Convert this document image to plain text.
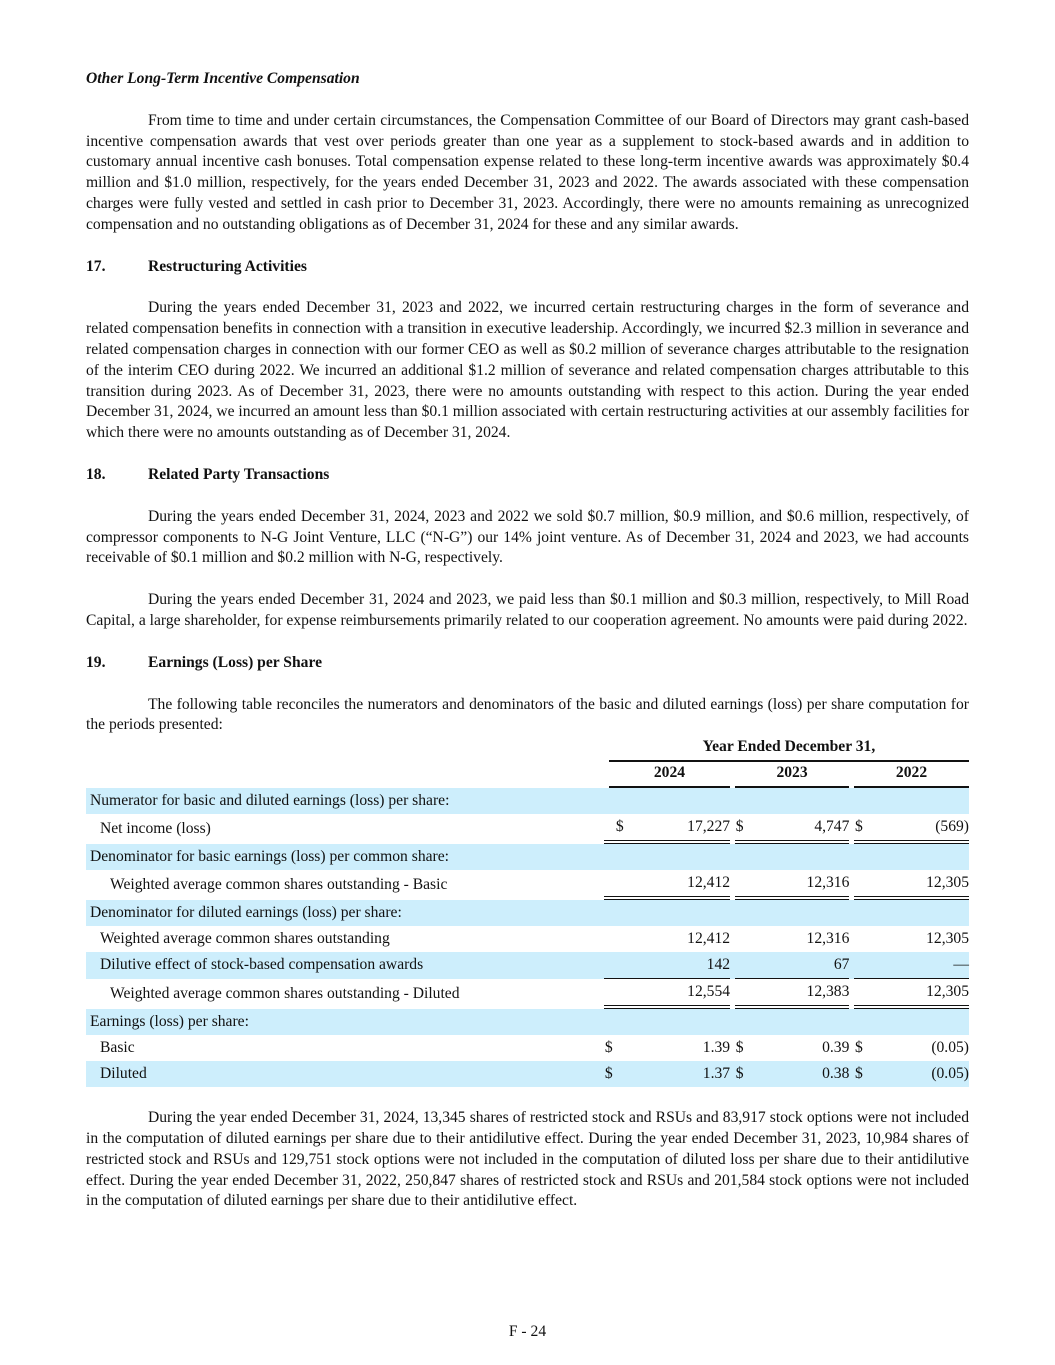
Other Long-Term Incentive Compensation

From time to time and under certain circumstances, the Compensation Committee of our Board of Directors may grant cash-based incentive compensation awards that vest over periods greater than one year as a supplement to stock-based awards and in addition to customary annual incentive cash bonuses. Total compensation expense related to these long-term incentive awards was approximately $0.4 million and $1.0 million, respectively, for the years ended December 31, 2023 and 2022. The awards associated with these compensation charges were fully vested and settled in cash prior to December 31, 2023. Accordingly, there were no amounts remaining as unrecognized compensation and no outstanding obligations as of December 31, 2024 for these and any similar awards.

17.	Restructuring Activities

During the years ended December 31, 2023 and 2022, we incurred certain restructuring charges in the form of severance and related compensation benefits in connection with a transition in executive leadership. Accordingly, we incurred $2.3 million in severance and related compensation charges in connection with our former CEO as well as $0.2 million of severance charges attributable to the resignation of the interim CEO during 2022. We incurred an additional $1.2 million of severance and related compensation charges attributable to this transition during 2023. As of December 31, 2023, there were no amounts outstanding with respect to this action. During the year ended December 31, 2024, we incurred an amount less than $0.1 million associated with certain restructuring activities at our assembly facilities for which there were no amounts outstanding as of December 31, 2024.

18.	Related Party Transactions

During the years ended December 31, 2024, 2023 and 2022 we sold $0.7 million, $0.9 million, and $0.6 million, respectively, of compressor components to N-G Joint Venture, LLC (“N-G”) our 14% joint venture. As of December 31, 2024 and 2023, we had accounts receivable of $0.1 million and $0.2 million with N-G, respectively.

During the years ended December 31, 2024 and 2023, we paid less than $0.1 million and $0.3 million, respectively, to Mill Road Capital, a large shareholder, for expense reimbursements primarily related to our cooperation agreement. No amounts were paid during 2022.

19.	Earnings (Loss) per Share

The following table reconciles the numerators and denominators of the basic and diluted earnings (loss) per share computation for the periods presented:

	Year Ended December 31,				

	2024		2023		2022

Numerator for basic and diluted earnings (loss) per share:					
Net income (loss)	$ 17,227		$ 4,747		$ (569)

Denominator for basic earnings (loss) per common share:					
Weighted average common shares outstanding - Basic	12,412		12,316		12,305
Denominator for diluted earnings (loss) per share:					
Weighted average common shares outstanding	12,412		12,316		12,305
Dilutive effect of stock-based compensation awards	142		67		—
Weighted average common shares outstanding - Diluted	12,554		12,383		12,305
Earnings (loss) per share:					
Basic	$ 1.39		$ 0.39		$ (0.05)

Diluted	$ 1.37		$ 0.38		$ (0.05)

During the year ended December 31, 2024, 13,345 shares of restricted stock and RSUs and 83,917 stock options were not included in the computation of diluted earnings per share due to their antidilutive effect. During the year ended December 31, 2023, 10,984 shares of restricted stock and RSUs and 129,751 stock options were not included in the computation of diluted loss per share due to their antidilutive effect. During the year ended December 31, 2022, 250,847 shares of restricted stock and RSUs and 201,584 stock options were not included in the computation of diluted earnings per share due to their antidilutive effect.

F - 24
